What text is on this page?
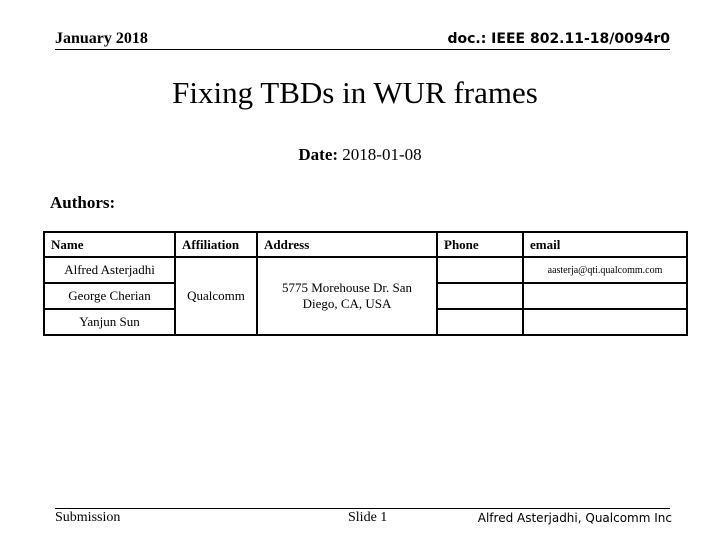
January 2018	doc.: IEEE 802.11-18/0094r0
Fixing TBDs in WUR frames
Date: 2018-01-08
Authors:
Name	Affiliation	Address	Phone	email
Alfred Asterjadhi	Qualcomm	5775 Morehouse Dr. San Diego, CA, USA		aasterja@qti.qualcomm.com
George Cherian				
Yanjun Sun				
Submission	Slide 1	Alfred Asterjadhi, Qualcomm Inc
